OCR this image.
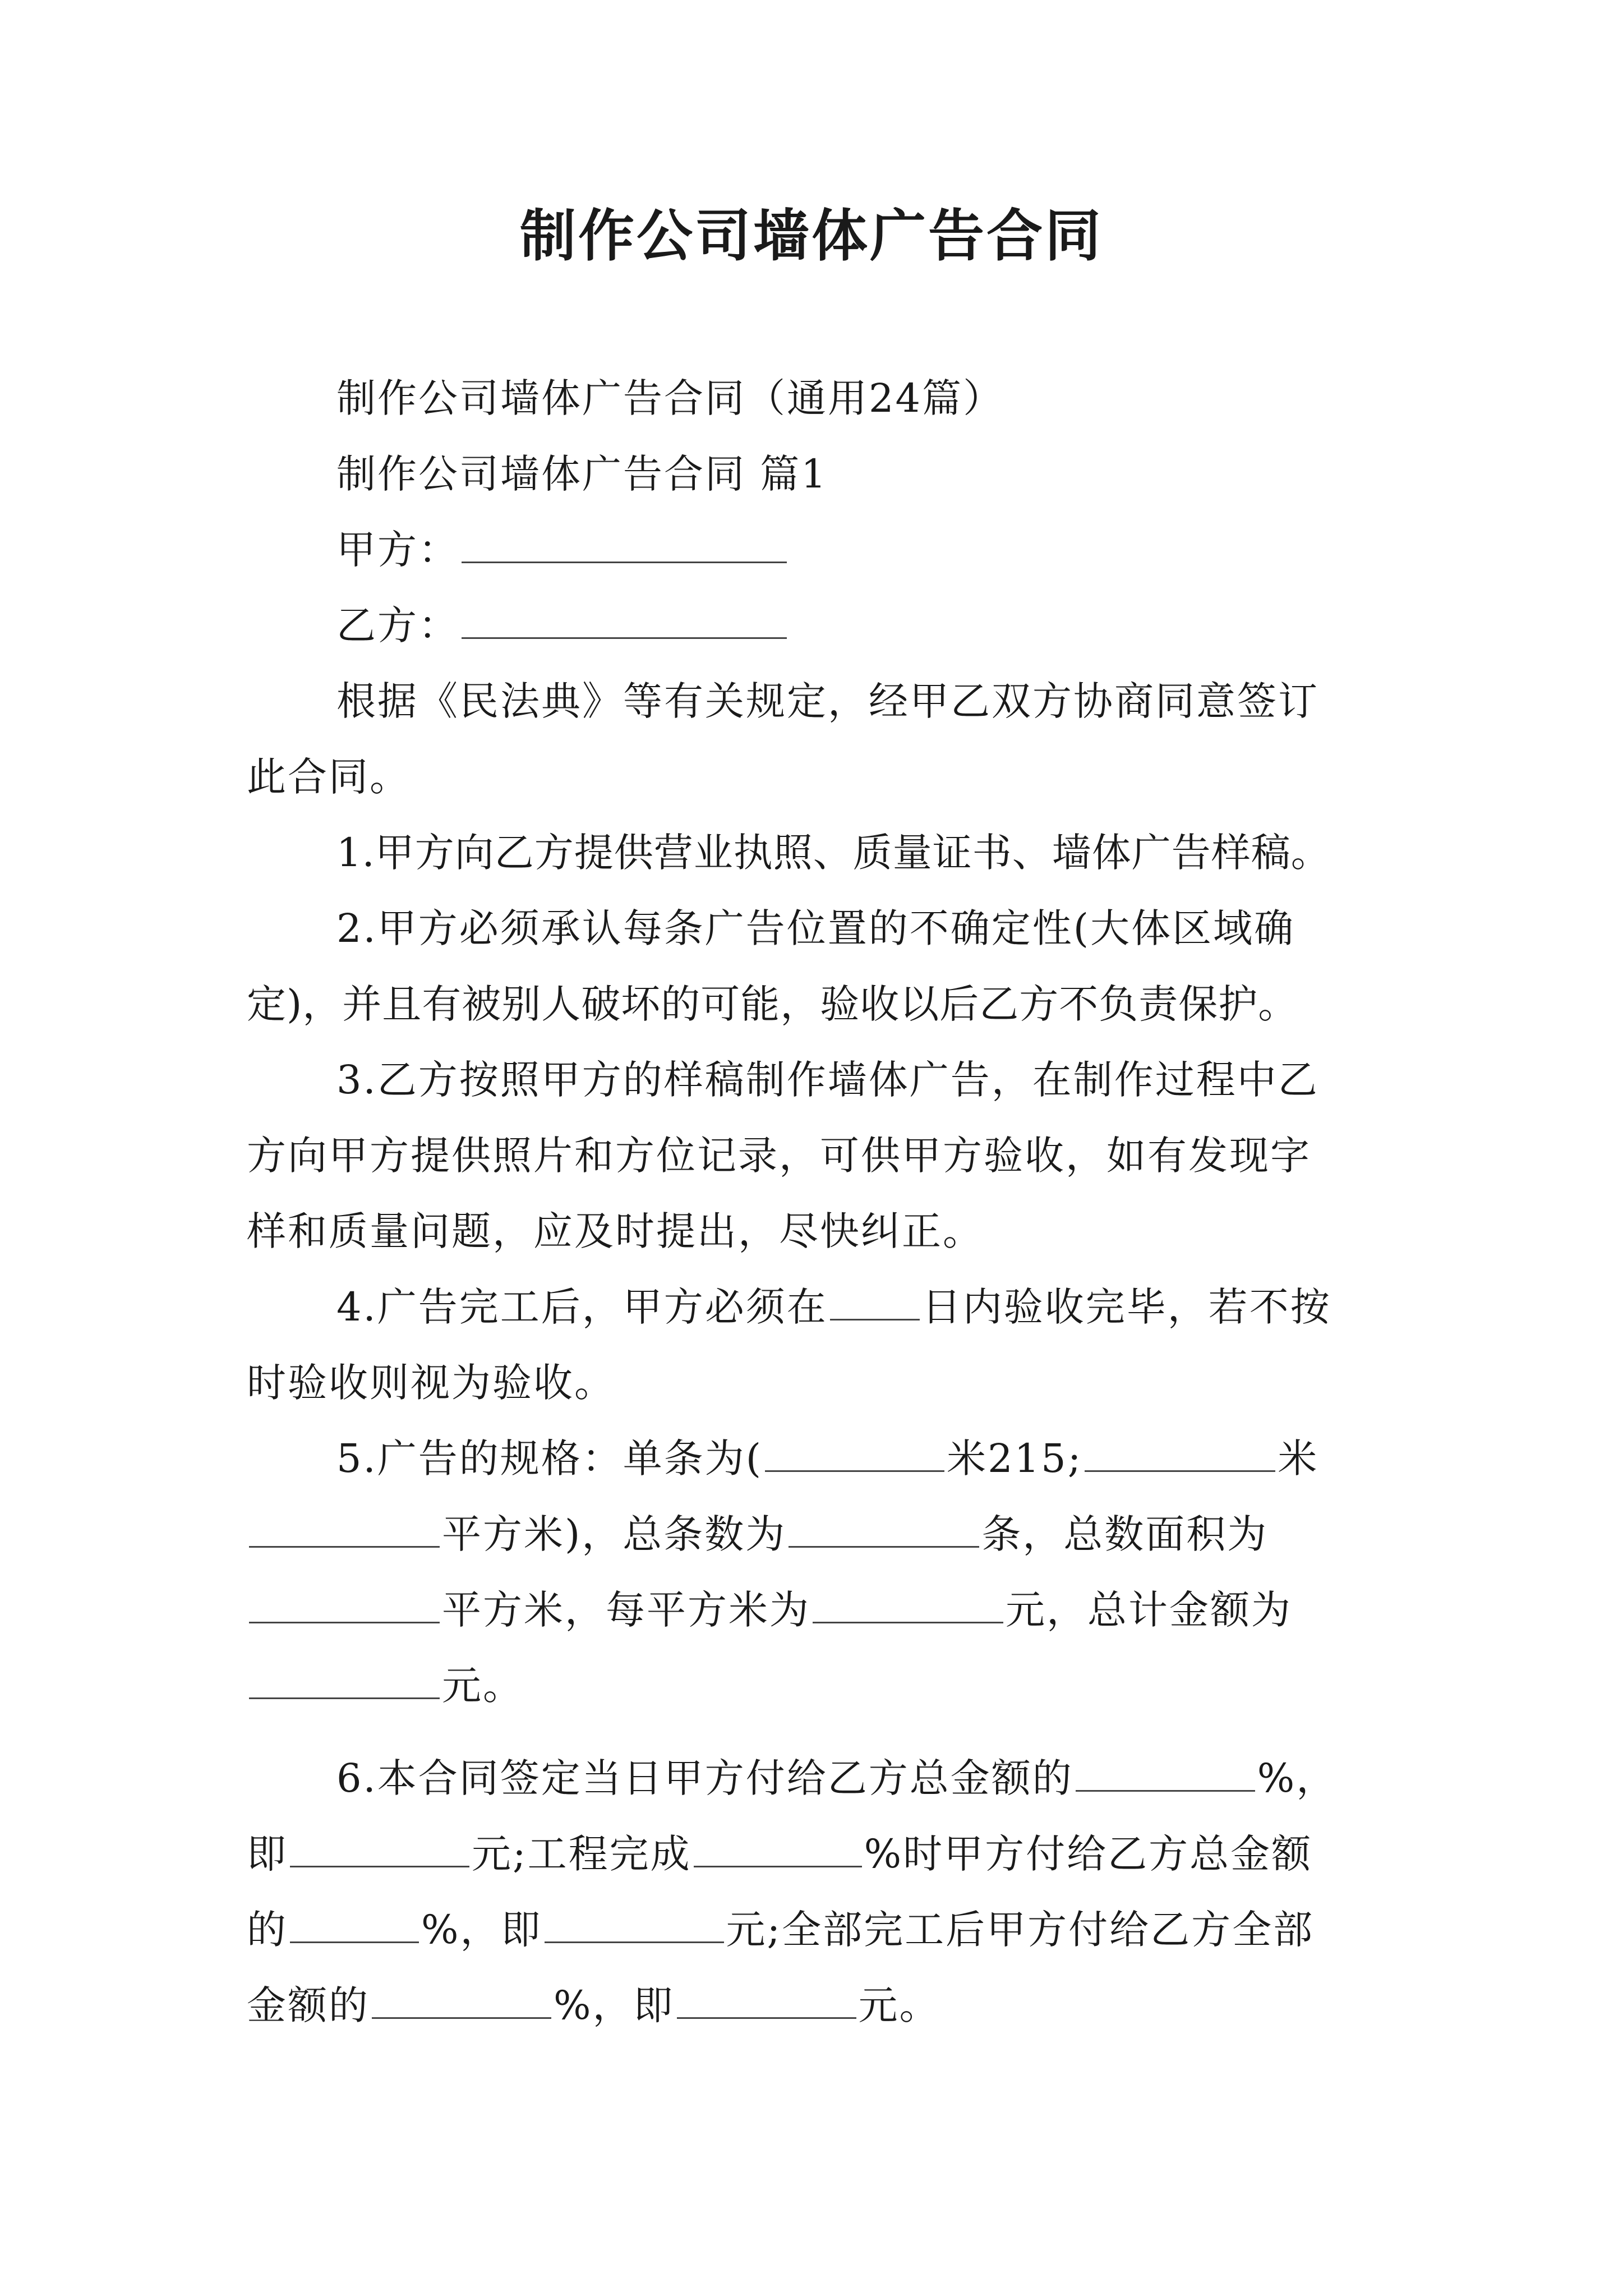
制作公司墙体广告合同
制作公司墙体广告合同（通用24篇）
制作公司墙体广告合同 篇1
甲方：
乙方：
根据《民法典》等有关规定，经甲乙双方协商同意签订
此合同。
1.甲方向乙方提供营业执照、质量证书、墙体广告样稿。
2.甲方必须承认每条广告位置的不确定性(大体区域确
定)，并且有被别人破坏的可能，验收以后乙方不负责保护。
3.乙方按照甲方的样稿制作墙体广告，在制作过程中乙
方向甲方提供照片和方位记录，可供甲方验收，如有发现字
样和质量问题，应及时提出，尽快纠正。
4.广告完工后，甲方必须在 日内验收完毕，若不按
时验收则视为验收。
5.广告的规格：单条为(	米215;	米
平方米)，总条数为	条，总数面积为
平方米，每平方米为	元，总计金额为
元。
6.本合同签定当日甲方付给乙方总金额的	%，
即	元;工程完成	%时甲方付给乙方总金额
的	%，即	元;全部完工后甲方付给乙方全部
金额的	%，即	元。
